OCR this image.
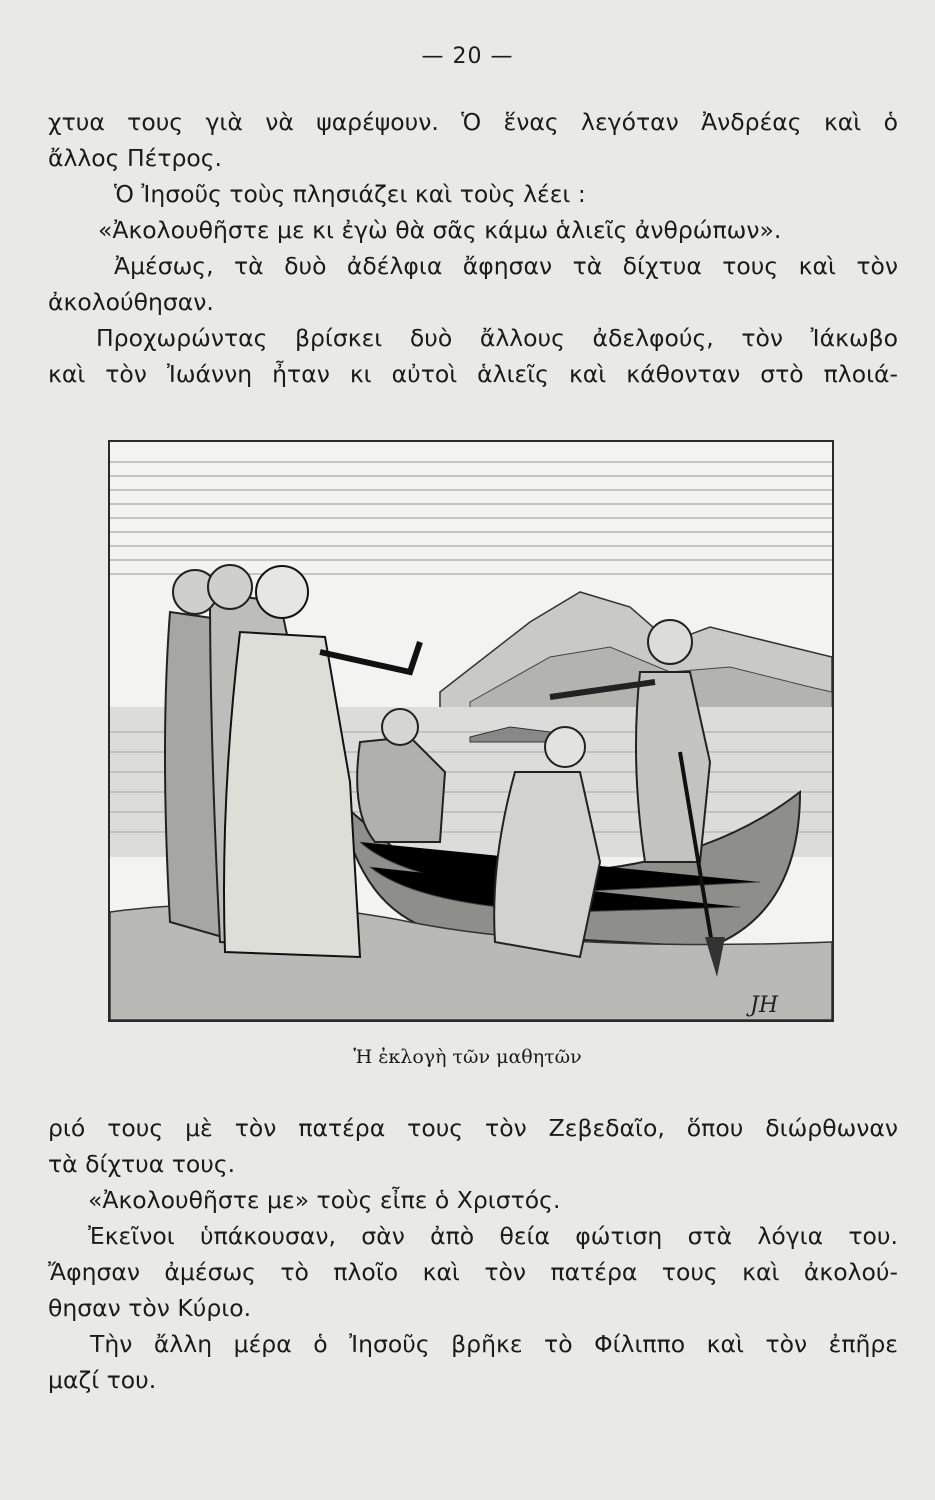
— 20 —
χτυα τους γιὰ νὰ ψαρέψουν. Ὁ ἕνας λεγόταν Ἀνδρέας καὶ ὁ
ἄλλος Πέτρος.
Ὁ Ἰησοῦς τοὺς πλησιάζει καὶ τοὺς λέει :
«Ἀκολουθῆστε με κι ἐγὼ θὰ σᾶς κάμω ἁλιεῖς ἀνθρώπων».
Ἀμέσως, τὰ δυὸ ἀδέλφια ἄφησαν τὰ δίχτυα τους καὶ τὸν
ἀκολούθησαν.
Προχωρώντας βρίσκει δυὸ ἄλλους ἀδελφούς, τὸν Ἰάκωβο
καὶ τὸν Ἰωάννη ἦταν κι αὐτοὶ ἁλιεῖς καὶ κάθονταν στὸ πλοιά-
JH
Ἡ ἐκλογὴ τῶν μαθητῶν
ριό τους μὲ τὸν πατέρα τους τὸν Ζεβεδαῖο, ὅπου διώρθωναν
τὰ δίχτυα τους.
«Ἀκολουθῆστε με» τοὺς εἶπε ὁ Χριστός.
Ἐκεῖνοι ὑπάκουσαν, σὰν ἀπὸ θεία φώτιση στὰ λόγια του.
Ἄφησαν ἀμέσως τὸ πλοῖο καὶ τὸν πατέρα τους καὶ ἀκολού-
θησαν τὸν Κύριο.
Τὴν ἄλλη μέρα ὁ Ἰησοῦς βρῆκε τὸ Φίλιππο καὶ τὸν ἐπῆρε
μαζί του.
